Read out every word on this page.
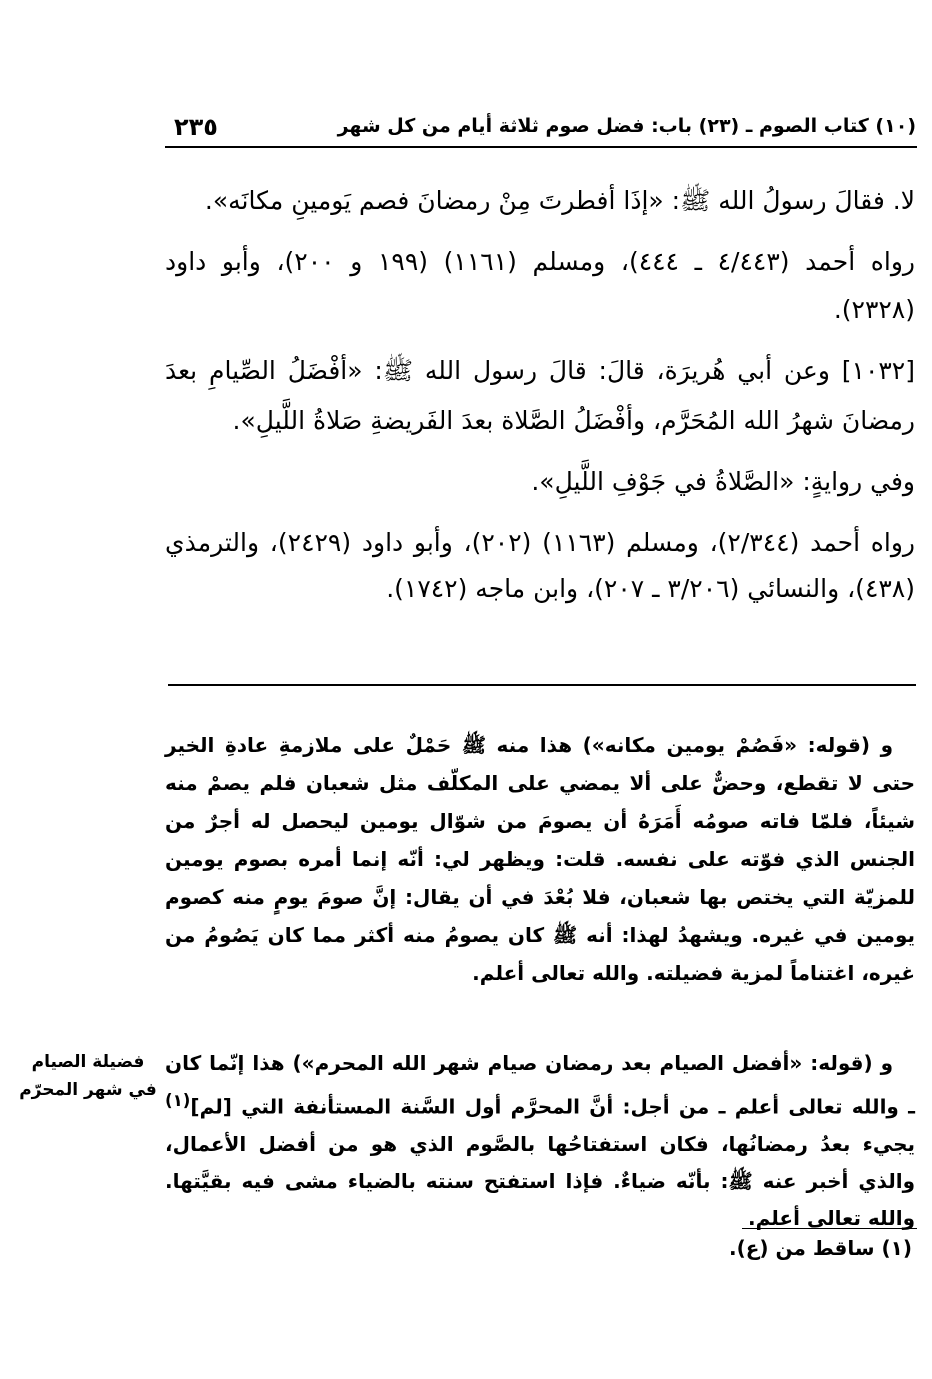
(١٠) كتاب الصوم ـ (٢٣) باب: فضل صوم ثلاثة أيام من كل شهر
٢٣٥

لا. فقالَ رسولُ الله ﷺ: «إذَا أفطرتَ مِنْ رمضانَ فصم يَومينِ مكانَه».

رواه أحمد (٤/٤٤٣ ـ ٤٤٤)، ومسلم (١١٦١) (١٩٩ و ٢٠٠)، وأبو داود (٢٣٢٨).

[١٠٣٢] وعن أبي هُريرَة، قالَ: قالَ رسول الله ﷺ: «أفْضَلُ الصِّيامِ بعدَ رمضانَ شهرُ الله المُحَرَّم، وأفْضَلُ الصَّلاة بعدَ الفَريضةِ صَلاةُ اللَّيلِ».

وفي روايةٍ: «الصَّلاةُ في جَوْفِ اللَّيلِ».

رواه أحمد (٢/٣٤٤)، ومسلم (١١٦٣) (٢٠٢)، وأبو داود (٢٤٢٩)، والترمذي (٤٣٨)، والنسائي (٣/٢٠٦ ـ ٢٠٧)، وابن ماجه (١٧٤٢).

و (قوله: «فَصُمْ يومين مكانه») هذا منه ﷺ حَمْلٌ على ملازمةِ عادةِ الخير حتى لا تقطع، وحضٌّ على ألا يمضي على المكلّف مثل شعبان فلم يصمْ منه شيئاً، فلمّا فاته صومُه أَمَرَهُ أن يصومَ من شوّال يومين ليحصل له أجرٌ من الجنس الذي فوّته على نفسه. قلت: ويظهر لي: أنّه إنما أمره بصوم يومين للمزيّة التي يختص بها شعبان، فلا بُعْدَ في أن يقال: إنَّ صومَ يومٍ منه كصوم يومين في غيره. ويشهدُ لهذا: أنه ﷺ كان يصومُ منه أكثر مما كان يَصُومُ من غيره، اغتناماً لمزية فضيلته. والله تعالى أعلم.

و (قوله: «أفضل الصيام بعد رمضان صيام شهر الله المحرم») هذا إنّما كان ـ والله تعالى أعلم ـ من أجل: أنَّ المحرَّم أول السَّنة المستأنفة التي [لم]$^{(١)}$ يجيء بعدُ رمضانُها، فكان استفتاحُها بالصَّوم الذي هو من أفضل الأعمال، والذي أخبر عنه ﷺ: بأنّه ضياءٌ. فإذا استفتح سنته بالضياء مشى فيه بقيَّتها. والله تعالى أعلم.

فضيلة الصيام
في شهر المحرّم
(١) ساقط من (ع).
